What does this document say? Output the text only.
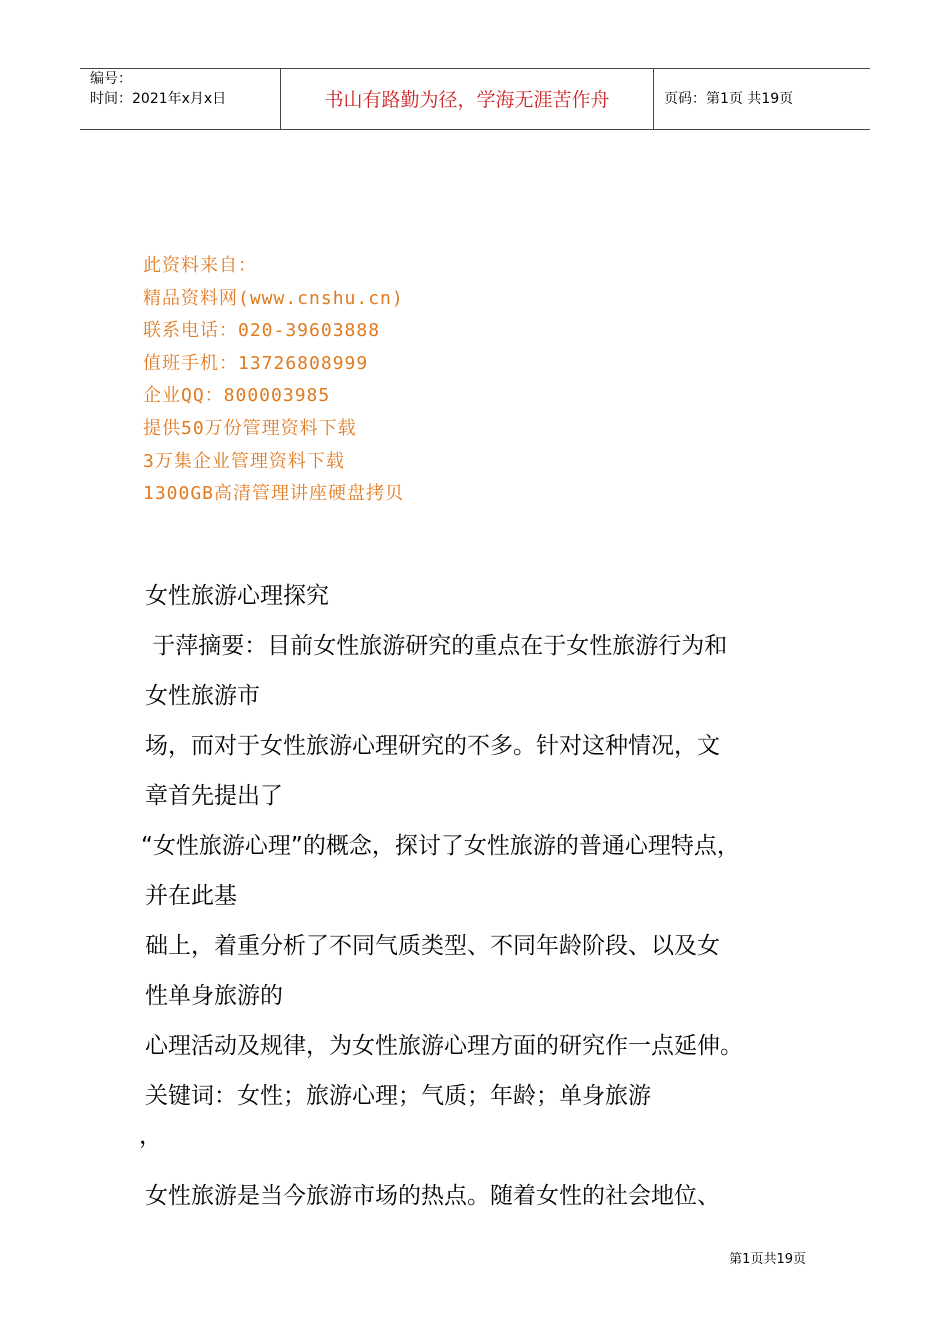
编号：
时间：2021年x月x日	书山有路勤为径，学海无涯苦作舟	页码：第1页 共19页
此资料来自：
精品资料网(www.cnshu.cn)
联系电话：020-39603888
值班手机：13726808999
企业QQ：800003985
提供50万份管理资料下载
3万集企业管理资料下载
1300GB高清管理讲座硬盘拷贝
女性旅游心理探究
于萍摘要：目前女性旅游研究的重点在于女性旅游行为和
女性旅游市
场，而对于女性旅游心理研究的不多。针对这种情况，文
章首先提出了
“女性旅游心理”的概念，探讨了女性旅游的普通心理特点，
并在此基
础上，着重分析了不同气质类型、不同年龄阶段、以及女
性单身旅游的
心理活动及规律，为女性旅游心理方面的研究作一点延伸。
关键词：女性；旅游心理；气质；年龄；单身旅游
，
女性旅游是当今旅游市场的热点。随着女性的社会地位、
第1页共19页
